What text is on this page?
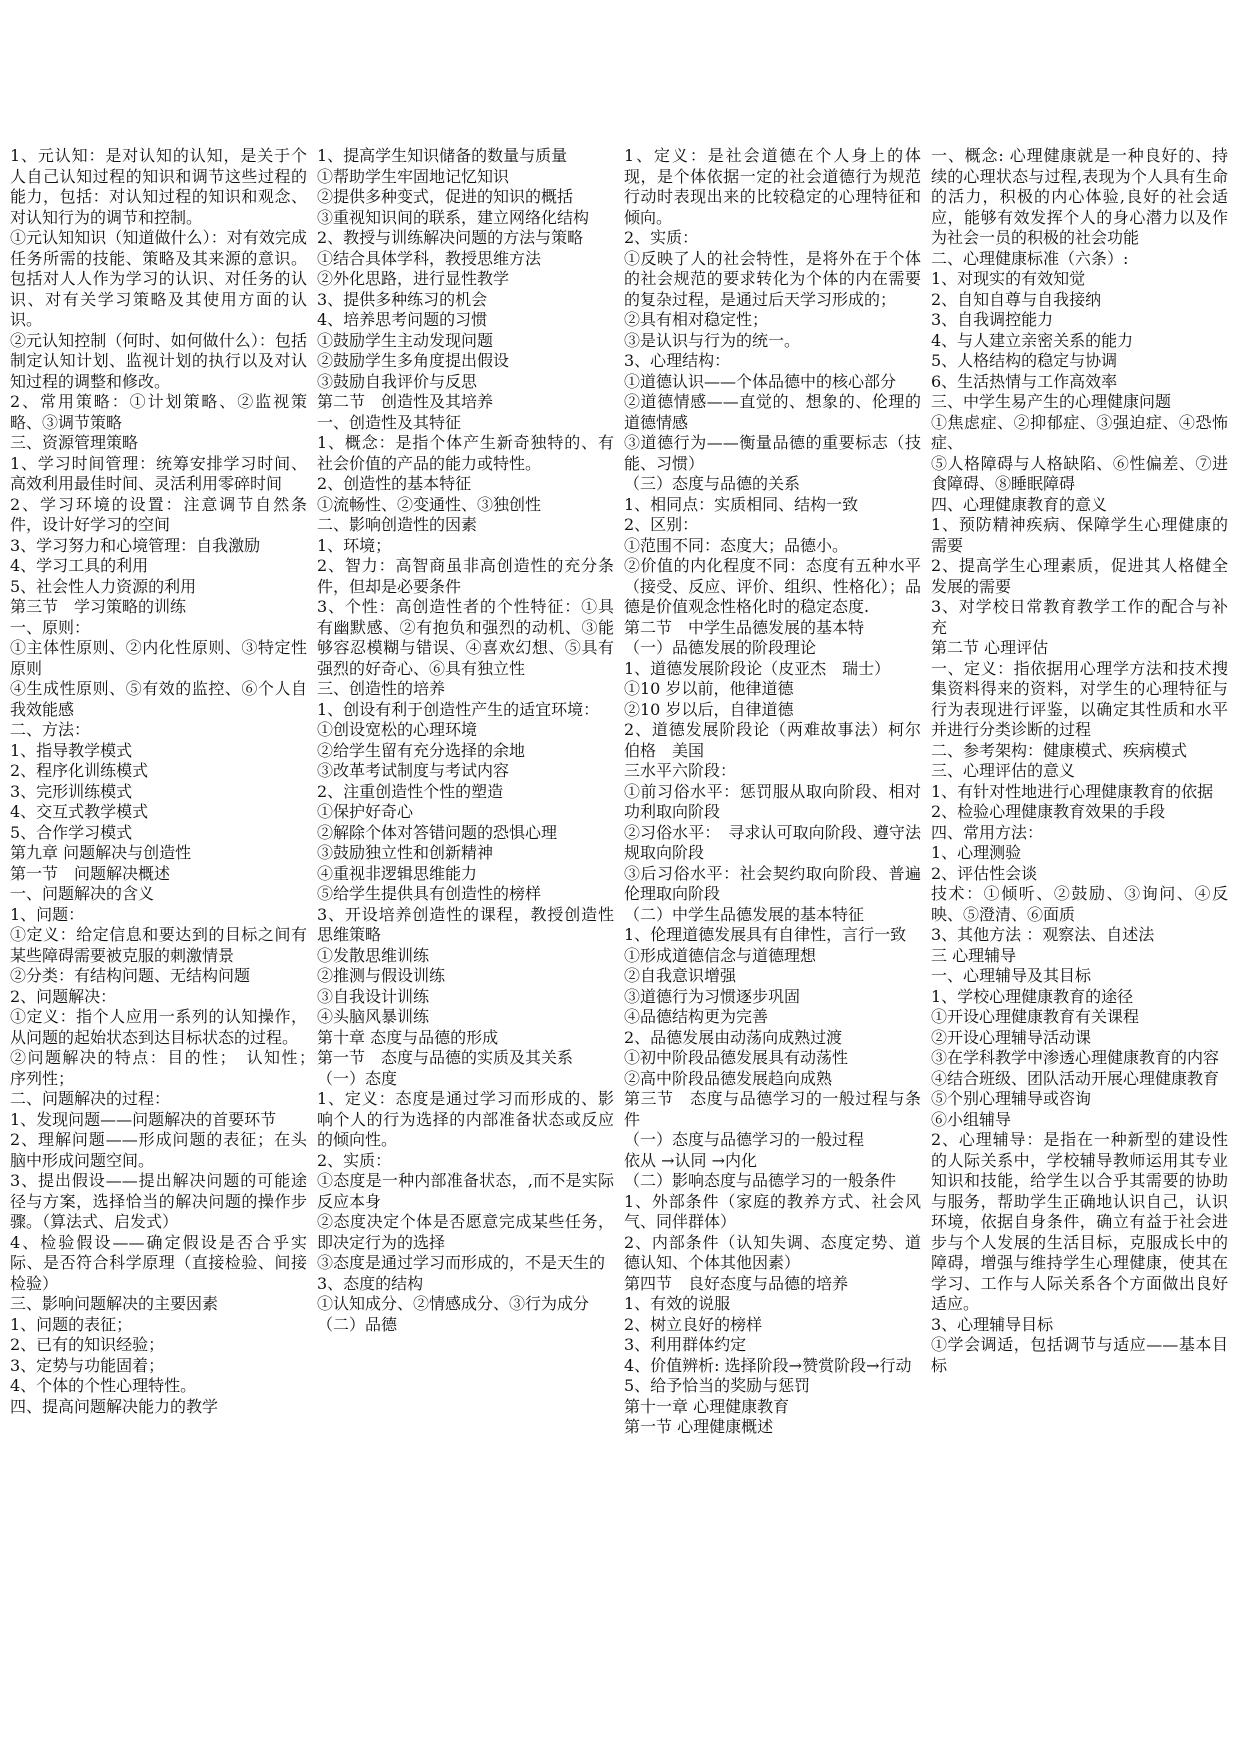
1、元认知：是对认知的认知，是关于个人自己认知过程的知识和调节这些过程的能力，包括：对认知过程的知识和观念、对认知行为的调节和控制。

①元认知知识（知道做什么）：对有效完成任务所需的技能、策略及其来源的意识。包括对人人作为学习的认识、对任务的认识、对有关学习策略及其使用方面的认识。

②元认知控制（何时、如何做什么）：包括制定认知计划、监视计划的执行以及对认知过程的调整和修改。

2、常用策略：①计划策略、②监视策略、③调节策略

三、资源管理策略

1、学习时间管理：统筹安排学习时间、高效利用最佳时间、灵活利用零碎时间

2、学习环境的设置：注意调节自然条件，设计好学习的空间

3、学习努力和心境管理：自我激励

4、学习工具的利用

5、社会性人力资源的利用

第三节　学习策略的训练

一、原则：

①主体性原则、②内化性原则、③特定性原则

④生成性原则、⑤有效的监控、⑥个人自我效能感

二、方法：

1、指导教学模式

2、程序化训练模式

3、完形训练模式

4、交互式教学模式

5、合作学习模式

第九章 问题解决与创造性

第一节　问题解决概述

一、问题解决的含义

1、问题：

①定义：给定信息和要达到的目标之间有某些障碍需要被克服的刺激情景

②分类：有结构问题、无结构问题

2、问题解决：

①定义：指个人应用一系列的认知操作，从问题的起始状态到达目标状态的过程。

②问题解决的特点：目的性；　认知性；　序列性；

二、问题解决的过程：

1、发现问题——问题解决的首要环节

2、理解问题——形成问题的表征；在头脑中形成问题空间。

3、提出假设——提出解决问题的可能途径与方案，选择恰当的解决问题的操作步骤。（算法式、启发式）

4、检验假设——确定假设是否合乎实际、是否符合科学原理（直接检验、间接检验）

三、影响问题解决的主要因素

1、问题的表征；

2、已有的知识经验；

3、定势与功能固着；

4、个体的个性心理特性。

四、提高问题解决能力的教学

1、提高学生知识储备的数量与质量

①帮助学生牢固地记忆知识

②提供多种变式，促进的知识的概括

③重视知识间的联系，建立网络化结构

2、教授与训练解决问题的方法与策略

①结合具体学科，教授思维方法

②外化思路，进行显性教学

3、提供多种练习的机会

4、培养思考问题的习惯

①鼓励学生主动发现问题

②鼓励学生多角度提出假设

③鼓励自我评价与反思

第二节　创造性及其培养

一、创造性及其特征

1、概念：是指个体产生新奇独特的、有社会价值的产品的能力或特性。

2、创造性的基本特征

①流畅性、②变通性、③独创性

二、影响创造性的因素

1、环境；

2、智力：高智商虽非高创造性的充分条件，但却是必要条件

3、个性：高创造性者的个性特征：①具有幽默感、②有抱负和强烈的动机、③能够容忍模糊与错误、④喜欢幻想、⑤具有强烈的好奇心、⑥具有独立性

三、创造性的培养

1、创设有利于创造性产生的适宜环境：

①创设宽松的心理环境

②给学生留有充分选择的余地

③改革考试制度与考试内容

2、注重创造性个性的塑造

①保护好奇心

②解除个体对答错问题的恐惧心理

③鼓励独立性和创新精神

④重视非逻辑思维能力

⑤给学生提供具有创造性的榜样

3、开设培养创造性的课程，教授创造性思维策略

①发散思维训练

②推测与假设训练

③自我设计训练

④头脑风暴训练

第十章 态度与品德的形成

第一节　态度与品德的实质及其关系

（一）态度

1、定义：态度是通过学习而形成的、影响个人的行为选择的内部准备状态或反应的倾向性。

2、实质：

①态度是一种内部准备状态，,而不是实际反应本身

②态度决定个体是否愿意完成某些任务，即决定行为的选择

③态度是通过学习而形成的，不是天生的

3、态度的结构

①认知成分、②情感成分、③行为成分

（二）品德

1、定义：是社会道德在个人身上的体现，是个体依据一定的社会道德行为规范行动时表现出来的比较稳定的心理特征和倾向。

2、实质：

①反映了人的社会特性，是将外在于个体的社会规范的要求转化为个体的内在需要的复杂过程，是通过后天学习形成的；

②具有相对稳定性；

③是认识与行为的统一。

3、心理结构：

①道德认识——个体品德中的核心部分

②道德情感——直觉的、想象的、伦理的道德情感

③道德行为——衡量品德的重要标志（技能、习惯）

（三）态度与品德的关系

1、相同点：实质相同、结构一致

2、区别：

①范围不同：态度大；品德小。

②价值的内化程度不同：态度有五种水平（接受、反应、评价、组织、性格化）；品德是价值观念性格化时的稳定态度.

第二节　中学生品德发展的基本特

（一）品德发展的阶段理论

1、道德发展阶段论（皮亚杰　瑞士）

①10 岁以前，他律道德

②10 岁以后，自律道德

2、道德发展阶段论（两难故事法）柯尔伯格　美国

三水平六阶段：

①前习俗水平：惩罚服从取向阶段、相对功利取向阶段

②习俗水平：　寻求认可取向阶段、遵守法规取向阶段

③后习俗水平：社会契约取向阶段、普遍伦理取向阶段

（二）中学生品德发展的基本特征

1、伦理道德发展具有自律性，言行一致

①形成道德信念与道德理想

②自我意识增强

③道德行为习惯逐步巩固

④品德结构更为完善

2、品德发展由动荡向成熟过渡

①初中阶段品德发展具有动荡性

②高中阶段品德发展趋向成熟

第三节　态度与品德学习的一般过程与条件

（一）态度与品德学习的一般过程

依从 →认同 →内化

（二）影响态度与品德学习的一般条件

1、外部条件（家庭的教养方式、社会风气、同伴群体）

2、内部条件（认知失调、态度定势、道德认知、个体其他因素）

第四节　良好态度与品德的培养

1、有效的说服

2、树立良好的榜样

3、利用群体约定

4、价值辨析: 选择阶段→赞赏阶段→行动

5、给予恰当的奖励与惩罚

第十一章 心理健康教育

第一节 心理健康概述

一、概念: 心理健康就是一种良好的、持续的心理状态与过程,表现为个人具有生命的活力，积极的内心体验,良好的社会适应，能够有效发挥个人的身心潜力以及作为社会一员的积极的社会功能

二、心理健康标准（六条）:

1、对现实的有效知觉

2、自知自尊与自我接纳

3、自我调控能力

4、与人建立亲密关系的能力

5、人格结构的稳定与协调

6、生活热情与工作高效率

三、中学生易产生的心理健康问题

①焦虑症、②抑郁症、③强迫症、④恐怖症、

⑤人格障碍与人格缺陷、⑥性偏差、⑦进食障碍、⑧睡眠障碍

四、心理健康教育的意义

1、预防精神疾病、保障学生心理健康的需要

2、提高学生心理素质，促进其人格健全发展的需要

3、对学校日常教育教学工作的配合与补充

第二节 心理评估

一、定义：指依据用心理学方法和技术搜集资料得来的资料，对学生的心理特征与行为表现进行评鉴，以确定其性质和水平并进行分类诊断的过程

二、参考架构：健康模式、疾病模式

三、心理评估的意义

1、有针对性地进行心理健康教育的依据

2、检验心理健康教育效果的手段

四、常用方法：

1、心理测验

2、评估性会谈

技术：①倾听、②鼓励、③询问、④反映、⑤澄清、⑥面质

3、其他方法 ：观察法、自述法

三 心理辅导

一、心理辅导及其目标

1、学校心理健康教育的途径

①开设心理健康教育有关课程

②开设心理辅导活动课

③在学科教学中渗透心理健康教育的内容

④结合班级、团队活动开展心理健康教育

⑤个别心理辅导或咨询

⑥小组辅导

2、心理辅导：是指在一种新型的建设性的人际关系中，学校辅导教师运用其专业知识和技能，给学生以合乎其需要的协助与服务，帮助学生正确地认识自己，认识环境，依据自身条件，确立有益于社会进步与个人发展的生活目标，克服成长中的障碍，增强与维持学生心理健康，使其在学习、工作与人际关系各个方面做出良好适应。

3、心理辅导目标

①学会调适，包括调节与适应——基本目标
